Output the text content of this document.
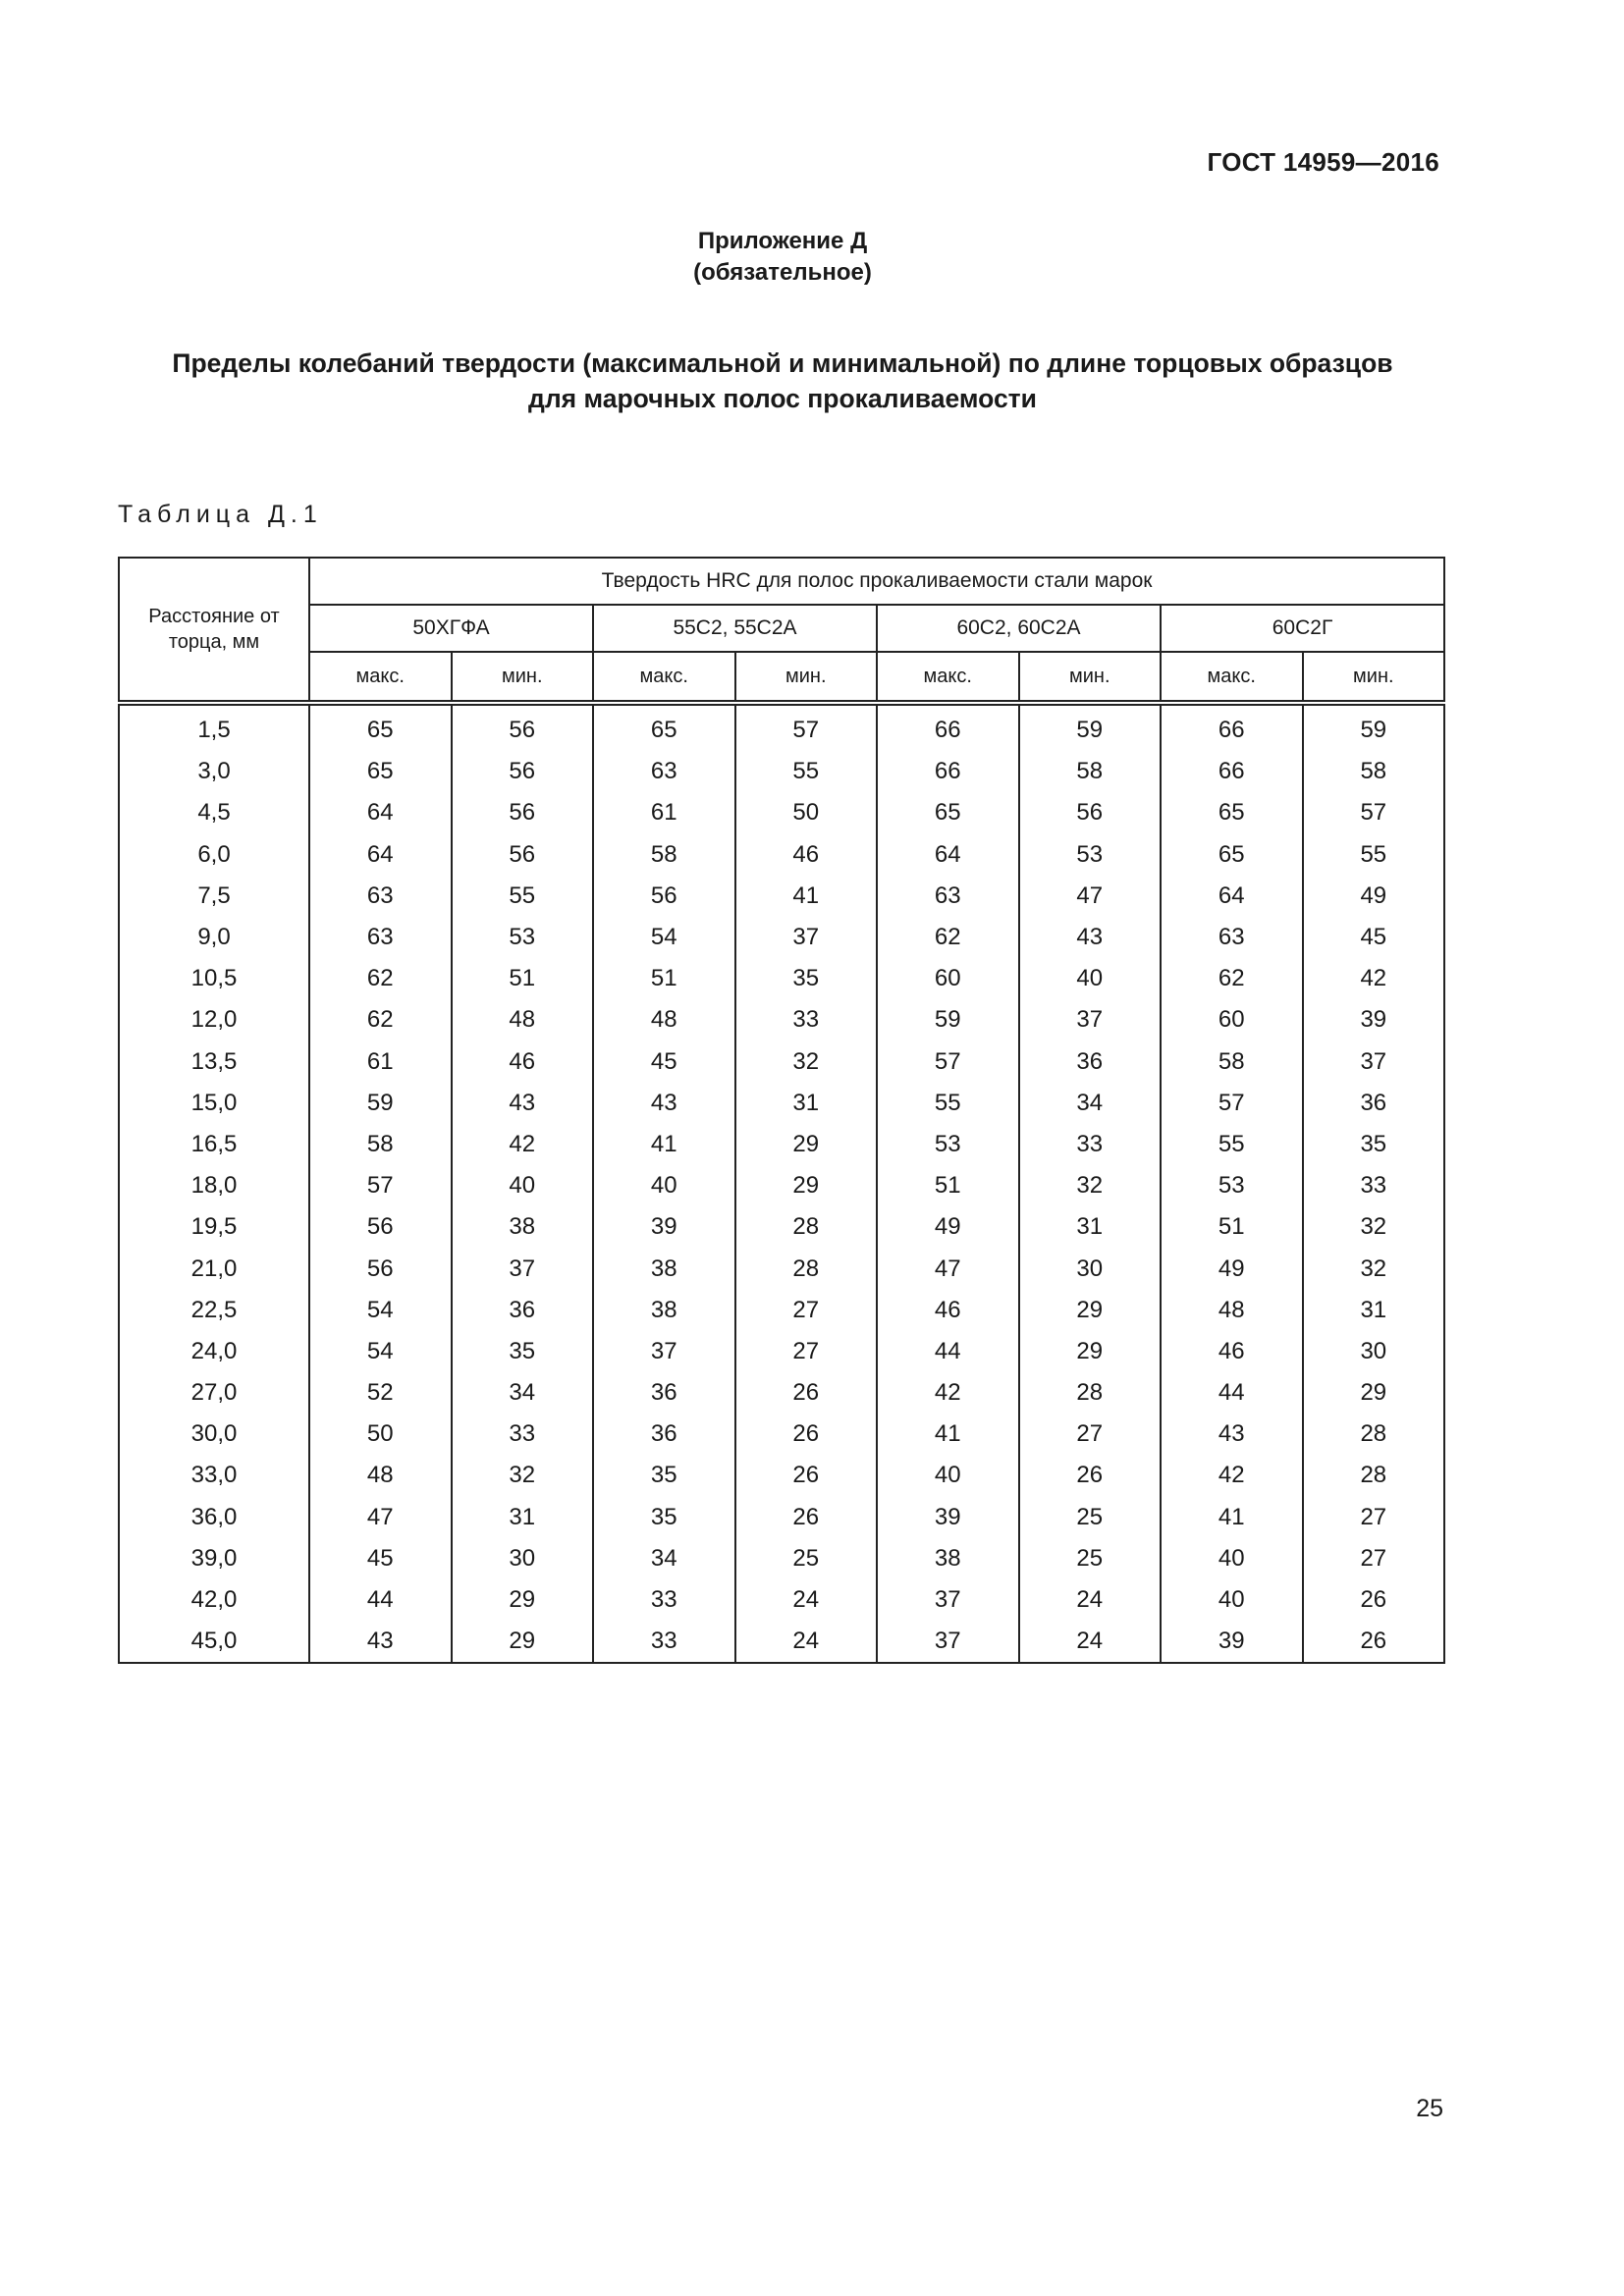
ГОСТ 14959—2016
Приложение Д
(обязательное)
Пределы колебаний твердости (максимальной и минимальной) по длине торцовых образцов
для марочных полос прокаливаемости
Таблица Д.1
Расстояние от торца, мм	Твердость HRC для полос прокаливаемости стали марок							
	50ХГФА		55С2, 55С2А		60С2, 60С2А		60С2Г	
	макс.	мин.	макс.	мин.	макс.	мин.	макс.	мин.
1,5	65	56	65	57	66	59	66	59
3,0	65	56	63	55	66	58	66	58
4,5	64	56	61	50	65	56	65	57
6,0	64	56	58	46	64	53	65	55
7,5	63	55	56	41	63	47	64	49
9,0	63	53	54	37	62	43	63	45
10,5	62	51	51	35	60	40	62	42
12,0	62	48	48	33	59	37	60	39
13,5	61	46	45	32	57	36	58	37
15,0	59	43	43	31	55	34	57	36
16,5	58	42	41	29	53	33	55	35
18,0	57	40	40	29	51	32	53	33
19,5	56	38	39	28	49	31	51	32
21,0	56	37	38	28	47	30	49	32
22,5	54	36	38	27	46	29	48	31
24,0	54	35	37	27	44	29	46	30
27,0	52	34	36	26	42	28	44	29
30,0	50	33	36	26	41	27	43	28
33,0	48	32	35	26	40	26	42	28
36,0	47	31	35	26	39	25	41	27
39,0	45	30	34	25	38	25	40	27
42,0	44	29	33	24	37	24	40	26
45,0	43	29	33	24	37	24	39	26
25
